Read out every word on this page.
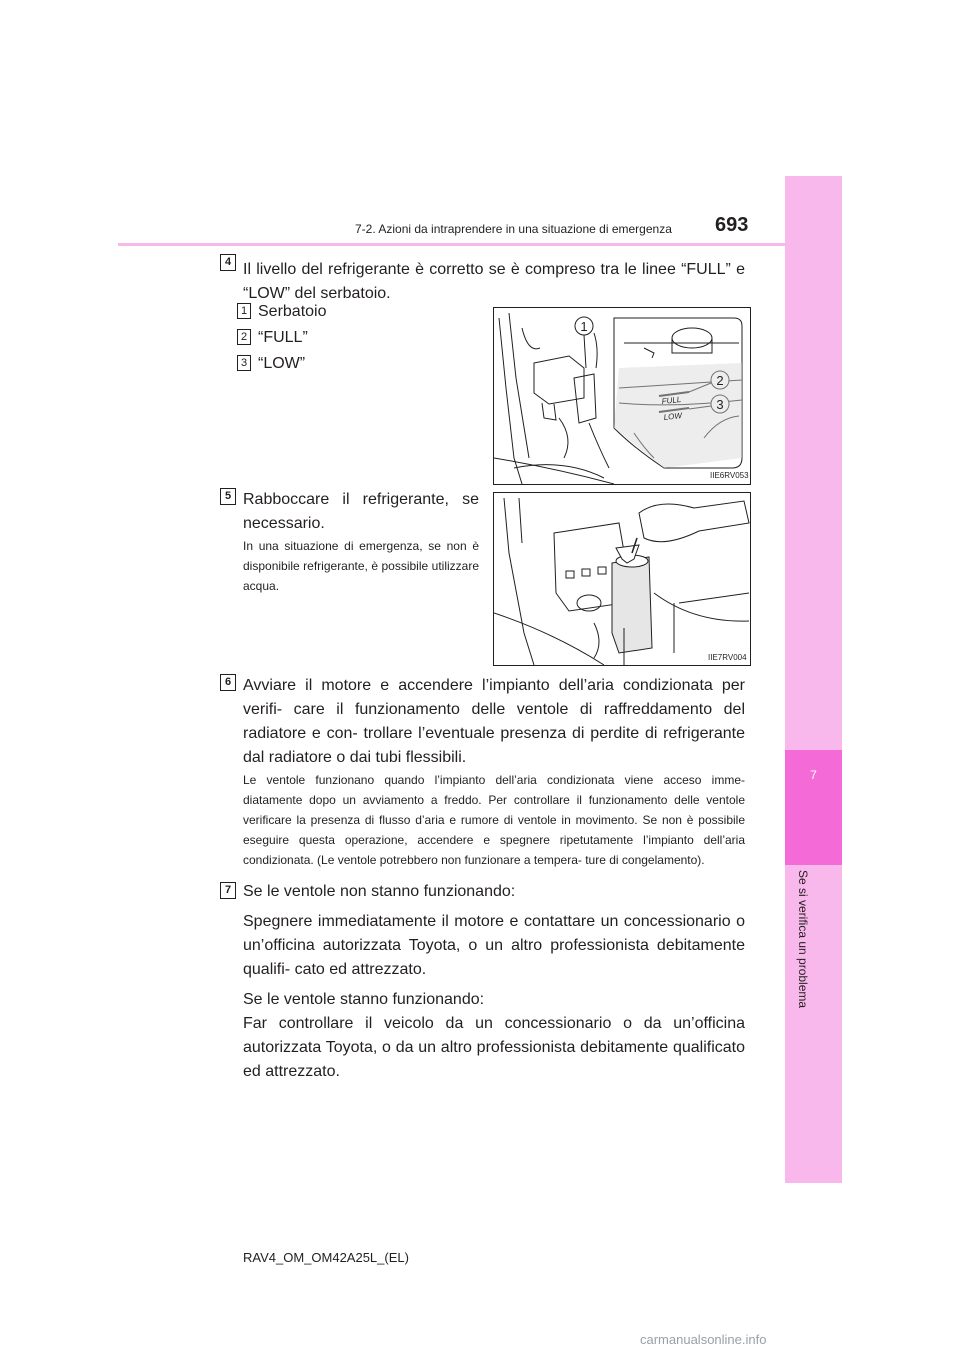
7
Se si verifica un problema
7-2. Azioni da intraprendere in una situazione di emergenza 693
4 Il livello del refrigerante è corretto se è compreso tra le linee “FULL” e “LOW” del serbatoio.
1 Serbatoio
2 “FULL”
3 “LOW”
1
2
3
FULL
LOW
IIE6RV053
5 Rabboccare il refrigerante, se necessario.
In una situazione di emergenza, se non è disponibile refrigerante, è possibile utilizzare acqua.
IIE7RV004
6 Avviare il motore e accendere l’impianto dell’aria condizionata per verifi- care il funzionamento delle ventole di raffreddamento del radiatore e con- trollare l’eventuale presenza di perdite di refrigerante dal radiatore o dai tubi flessibili.
Le ventole funzionano quando l’impianto dell’aria condizionata viene acceso imme- diatamente dopo un avviamento a freddo. Per controllare il funzionamento delle ventole verificare la presenza di flusso d’aria e rumore di ventole in movimento. Se non è possibile eseguire questa operazione, accendere e spegnere ripetutamente l’impianto dell’aria condizionata. (Le ventole potrebbero non funzionare a tempera- ture di congelamento).
7 Se le ventole non stanno funzionando:
Spegnere immediatamente il motore e contattare un concessionario o un’officina autorizzata Toyota, o un altro professionista debitamente qualifi- cato ed attrezzato.
Se le ventole stanno funzionando:
Far controllare il veicolo da un concessionario o da un’officina autorizzata Toyota, o da un altro professionista debitamente qualificato ed attrezzato.
RAV4_OM_OM42A25L_(EL)
carmanualsonline.info
